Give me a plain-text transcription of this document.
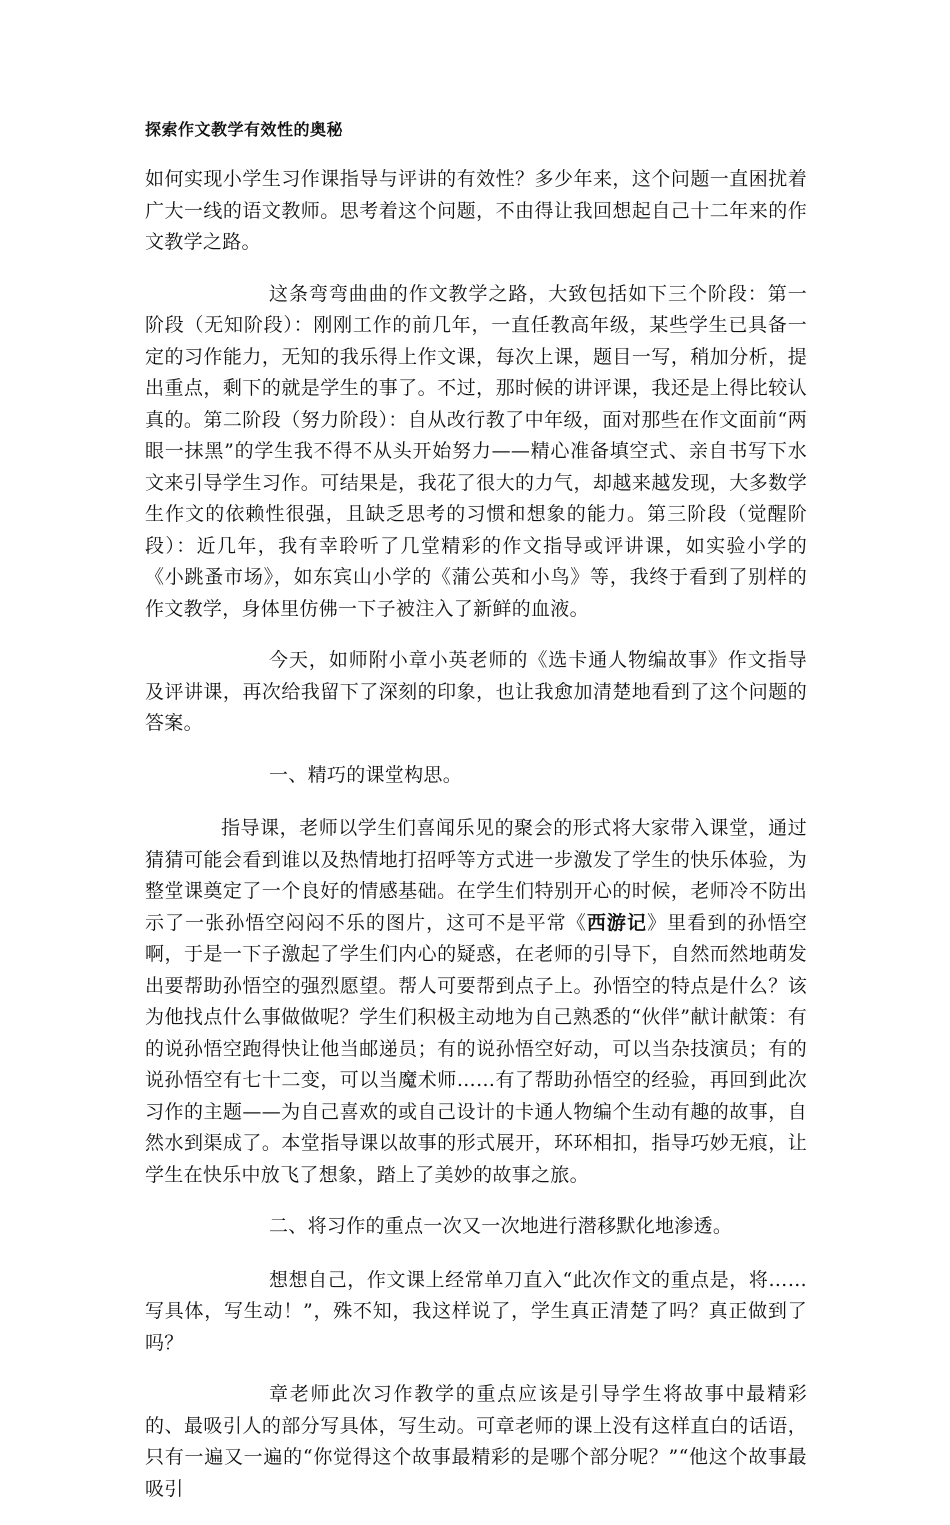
探索作文教学有效性的奥秘

如何实现小学生习作课指导与评讲的有效性？多少年来，这个问题一直困扰着广大一线的语文教师。思考着这个问题，不由得让我回想起自己十二年来的作文教学之路。

这条弯弯曲曲的作文教学之路，大致包括如下三个阶段：第一阶段（无知阶段）：刚刚工作的前几年，一直任教高年级，某些学生已具备一定的习作能力，无知的我乐得上作文课，每次上课，题目一写，稍加分析，提出重点，剩下的就是学生的事了。不过，那时候的讲评课，我还是上得比较认真的。第二阶段（努力阶段）：自从改行教了中年级，面对那些在作文面前“两眼一抹黑”的学生我不得不从头开始努力——精心准备填空式、亲自书写下水文来引导学生习作。可结果是，我花了很大的力气，却越来越发现，大多数学生作文的依赖性很强，且缺乏思考的习惯和想象的能力。第三阶段（觉醒阶段）：近几年，我有幸聆听了几堂精彩的作文指导或评讲课，如实验小学的《小跳蚤市场》，如东宾山小学的《蒲公英和小鸟》等，我终于看到了别样的作文教学，身体里仿佛一下子被注入了新鲜的血液。

今天，如师附小章小英老师的《选卡通人物编故事》作文指导及评讲课，再次给我留下了深刻的印象，也让我愈加清楚地看到了这个问题的答案。

一、精巧的课堂构思。

指导课，老师以学生们喜闻乐见的聚会的形式将大家带入课堂，通过猜猜可能会看到谁以及热情地打招呼等方式进一步激发了学生的快乐体验，为整堂课奠定了一个良好的情感基础。在学生们特别开心的时候，老师冷不防出示了一张孙悟空闷闷不乐的图片，这可不是平常《西游记》里看到的孙悟空啊，于是一下子激起了学生们内心的疑惑，在老师的引导下，自然而然地萌发出要帮助孙悟空的强烈愿望。帮人可要帮到点子上。孙悟空的特点是什么？该为他找点什么事做做呢？学生们积极主动地为自己熟悉的“伙伴”献计献策：有的说孙悟空跑得快让他当邮递员；有的说孙悟空好动，可以当杂技演员；有的说孙悟空有七十二变，可以当魔术师……有了帮助孙悟空的经验，再回到此次习作的主题——为自己喜欢的或自己设计的卡通人物编个生动有趣的故事，自然水到渠成了。本堂指导课以故事的形式展开，环环相扣，指导巧妙无痕，让学生在快乐中放飞了想象，踏上了美妙的故事之旅。

二、将习作的重点一次又一次地进行潜移默化地渗透。

想想自己，作文课上经常单刀直入“此次作文的重点是，将……写具体，写生动！”，殊不知，我这样说了，学生真正清楚了吗？真正做到了吗？

章老师此次习作教学的重点应该是引导学生将故事中最精彩的、最吸引人的部分写具体，写生动。可章老师的课上没有这样直白的话语，只有一遍又一遍的“你觉得这个故事最精彩的是哪个部分呢？”“他这个故事最吸引
